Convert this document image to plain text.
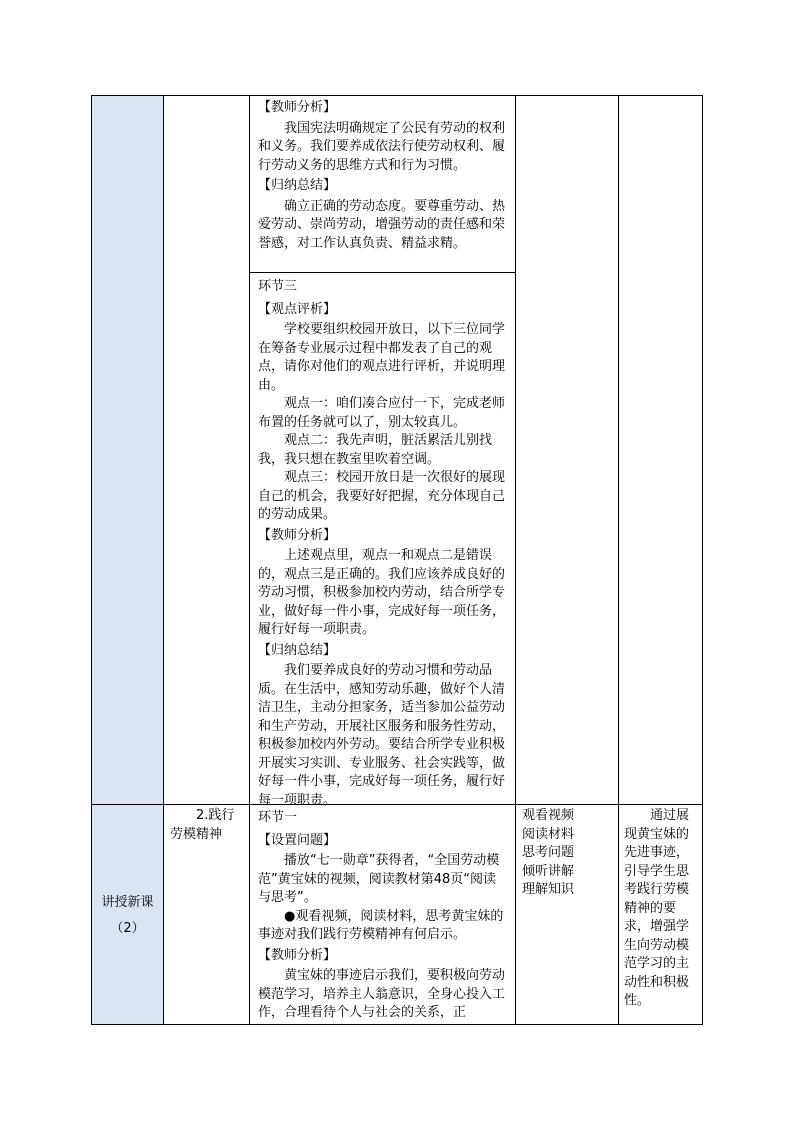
【教师分析】

我国宪法明确规定了公民有劳动的权利和义务。我们要养成依法行使劳动权利、履行劳动义务的思维方式和行为习惯。

【归纳总结】

确立正确的劳动态度。要尊重劳动、热爱劳动、崇尚劳动，增强劳动的责任感和荣誉感，对工作认真负责、精益求精。

环节三

【观点评析】

学校要组织校园开放日，以下三位同学在筹备专业展示过程中都发表了自己的观点，请你对他们的观点进行评析，并说明理由。

观点一：咱们凑合应付一下，完成老师布置的任务就可以了，别太较真儿。

观点二：我先声明，脏活累活儿别找我，我只想在教室里吹着空调。

观点三：校园开放日是一次很好的展现自己的机会，我要好好把握，充分体现自己的劳动成果。

【教师分析】

上述观点里，观点一和观点二是错误的，观点三是正确的。我们应该养成良好的劳动习惯，积极参加校内劳动，结合所学专业，做好每一件小事，完成好每一项任务，履行好每一项职责。

【归纳总结】

我们要养成良好的劳动习惯和劳动品质。在生活中，感知劳动乐趣，做好个人清洁卫生，主动分担家务，适当参加公益劳动和生产劳动，开展社区服务和服务性劳动，积极参加校内外劳动。要结合所学专业积极开展实习实训、专业服务、社会实践等，做好每一件小事，完成好每一项任务，履行好每一项职责。

讲授新课
（2）

2.践行劳模精神

环节一

【设置问题】

播放“七一勋章”获得者，“全国劳动模范”黄宝妹的视频，阅读教材第48页“阅读与思考”。

●观看视频，阅读材料，思考黄宝妹的事迹对我们践行劳模精神有何启示。

【教师分析】

黄宝妹的事迹启示我们，要积极向劳动模范学习，培养主人翁意识，全身心投入工作，合理看待个人与社会的关系，正

观看视频
阅读材料
思考问题
倾听讲解
理解知识

通过展现黄宝妹的先进事迹，引导学生思考践行劳模精神的要求，增强学生向劳动模范学习的主动性和积极性。
